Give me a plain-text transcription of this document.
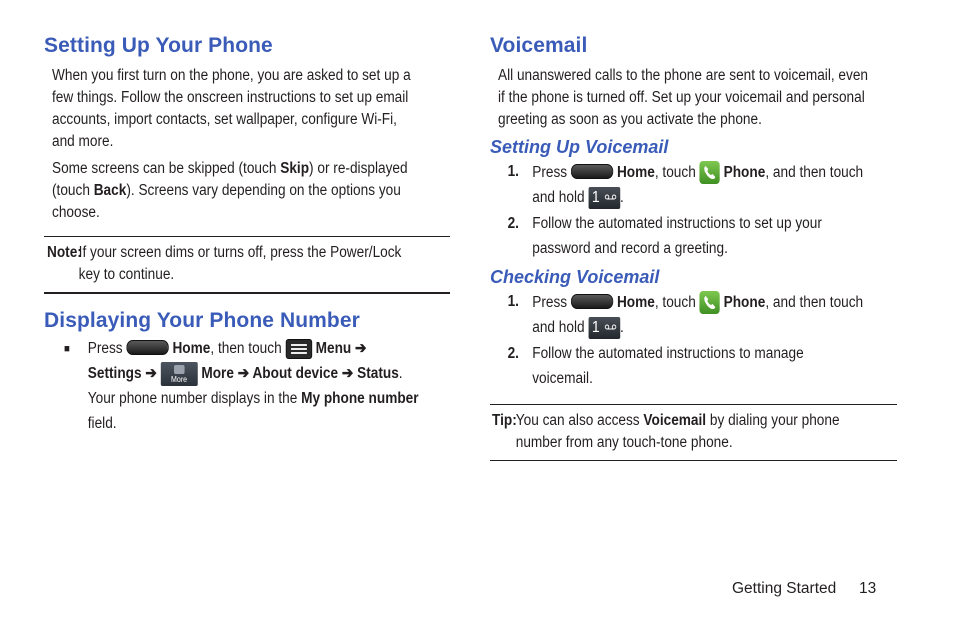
Setting Up Your Phone
When you first turn on the phone, you are asked to set up a
few things. Follow the onscreen instructions to set up email
accounts, import contacts, set wallpaper, configure Wi-Fi,
and more.
Some screens can be skipped (touch Skip) or re-displayed
(touch Back). Screens vary depending on the options you
choose.
Note:
If your screen dims or turns off, press the Power/Lock
key to continue.
Displaying Your Phone Number
■ Press	Home, then touch Menu ➔
Settings ➔ More More ➔ About device ➔ Status.
Your phone number displays in the My phone number
field.
Voicemail
All unanswered calls to the phone are sent to voicemail, even
if the phone is turned off. Set up your voicemail and personal
greeting as soon as you activate the phone.
Setting Up Voicemail
1. Press	Home, touch Phone, and then touch
and hold 1 .
2. Follow the automated instructions to set up your
password and record a greeting.
Checking Voicemail
1. Press	Home, touch Phone, and then touch
and hold 1 .
2. Follow the automated instructions to manage
voicemail.
Tip: You can also access Voicemail by dialing your phone
number from any touch-tone phone.
Getting Started 13
